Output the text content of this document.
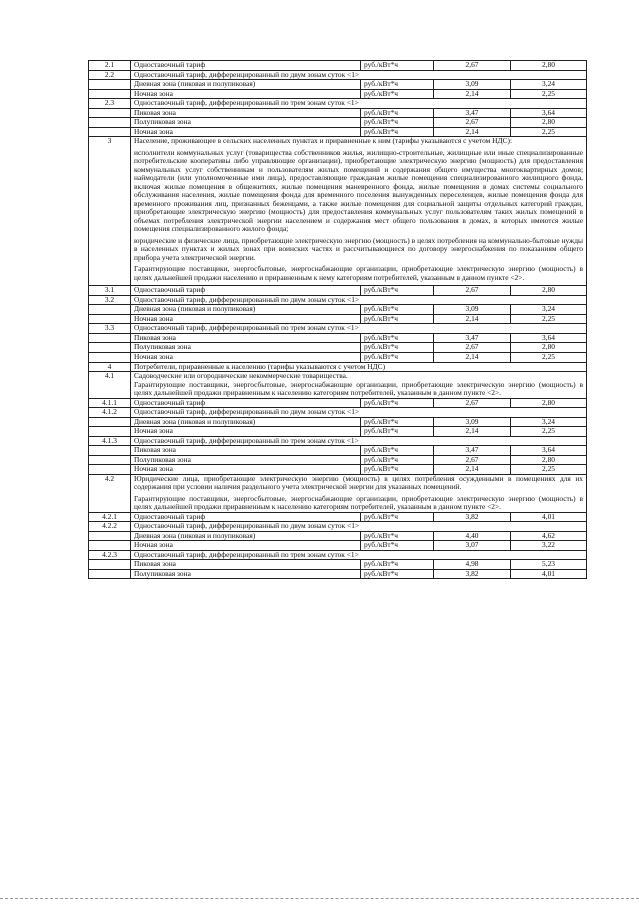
2.1	Одноставочный тариф	руб./кВт*ч	2,67	2,80
2.2	Одноставочный тариф, дифференцированный по двум зонам суток <1>			
	Дневная зона (пиковая и полупиковая)	руб./кВт*ч	3,09	3,24
	Ночная зона	руб./кВт*ч	2,14	2,25
2.3	Одноставочный тариф, дифференцированный по трем зонам суток <1>			
	Пиковая зона	руб./кВт*ч	3,47	3,64
	Полупиковая зона	руб./кВт*ч	2,67	2,80
	Ночная зона	руб./кВт*ч	2,14	2,25
3	Население, проживающее в сельских населенных пунктах и приравненные к ним (тарифы указываются с учетом НДС):
исполнители коммунальных услуг (товарищества собственников жилья, жилищно-строительные, жилищные или иные специализированные потребительские кооперативы либо управляющие организации), приобретающие электрическую энергию (мощность) для предоставления коммунальных услуг собственникам и пользователям жилых помещений и содержания общего имущества многоквартирных домов; наймодатели (или уполномоченные ими лица), предоставляющие гражданам жилые помещения специализированного жилищного фонда, включая жилые помещения в общежитиях, жилые помещения маневренного фонда, жилые помещения в домах системы социального обслуживания населения, жилые помещения фонда для временного поселения вынужденных переселенцев, жилые помещения фонда для временного проживания лиц, признанных беженцами, а также жилые помещения для социальной защиты отдельных категорий граждан, приобретающие электрическую энергию (мощность) для предоставления коммунальных услуг пользователям таких жилых помещений в объемах потребления электрической энергии населением и содержания мест общего пользования в домах, в которых имеются жилые помещения специализированного жилого фонда;
юридические и физические лица, приобретающие электрическую энергию (мощность) в целях потребления на коммунально-бытовые нужды в населенных пунктах и жилых зонах при воинских частях и рассчитывающиеся по договору энергоснабжения по показаниям общего прибора учета электрической энергии.
Гарантирующие поставщики, энергосбытовые, энергоснабжающие организации, приобретающие электрическую энергию (мощность) в целях дальнейшей продажи населению и приравненным к нему категориям потребителей, указанным в данном пункте <2>.			

3.1	Одноставочный тариф	руб./кВт*ч	2,67	2,80
3.2	Одноставочный тариф, дифференцированный по двум зонам суток <1>			
	Дневная зона (пиковая и полупиковая)	руб./кВт*ч	3,09	3,24
	Ночная зона	руб./кВт*ч	2,14	2,25
3.3	Одноставочный тариф, дифференцированный по трем зонам суток <1>			
	Пиковая зона	руб./кВт*ч	3,47	3,64
	Полупиковая зона	руб./кВт*ч	2,67	2,80
	Ночная зона	руб./кВт*ч	2,14	2,25
4	Потребители, приравненные к населению (тарифы указываются с учетом НДС)			
4.1	Садоводческие или огороднические некоммерческие товарищества.
Гарантирующие поставщики, энергосбытовые, энергоснабжающие организации, приобретающие электрическую энергию (мощность) в целях дальнейшей продажи приравненным к населению категориям потребителей, указанным в данном пункте <2>.			

4.1.1	Одноставочный тариф	руб./кВт*ч	2,67	2,80
4.1.2	Одноставочный тариф, дифференцированный по двум зонам суток <1>			
	Дневная зона (пиковая и полупиковая)	руб./кВт*ч	3,09	3,24
	Ночная зона	руб./кВт*ч	2,14	2,25
4.1.3	Одноставочный тариф, дифференцированный по трем зонам суток <1>			
	Пиковая зона	руб./кВт*ч	3,47	3,64
	Полупиковая зона	руб./кВт*ч	2,67	2,80
	Ночная зона	руб./кВт*ч	2,14	2,25
4.2	Юридические лица, приобретающие электрическую энергию (мощность) в целях потребления осужденными в помещениях для их содержания при условии наличия раздельного учета электрической энергии для указанных помещений.
Гарантирующие поставщики, энергосбытовые, энергоснабжающие организации, приобретающие электрическую энергию (мощность) в целях дальнейшей продажи приравненным к населению категориям потребителей, указанным в данном пункте <2>.			

4.2.1	Одноставочный тариф	руб./кВт*ч	3,82	4,01
4.2.2	Одноставочный тариф, дифференцированный по двум зонам суток <1>			
	Дневная зона (пиковая и полупиковая)	руб./кВт*ч	4,40	4,62
	Ночная зона	руб./кВт*ч	3,07	3,22
4.2.3	Одноставочный тариф, дифференцированный по трем зонам суток <1>			
	Пиковая зона	руб./кВт*ч	4,98	5,23
	Полупиковая зона	руб./кВт*ч	3,82	4,01
